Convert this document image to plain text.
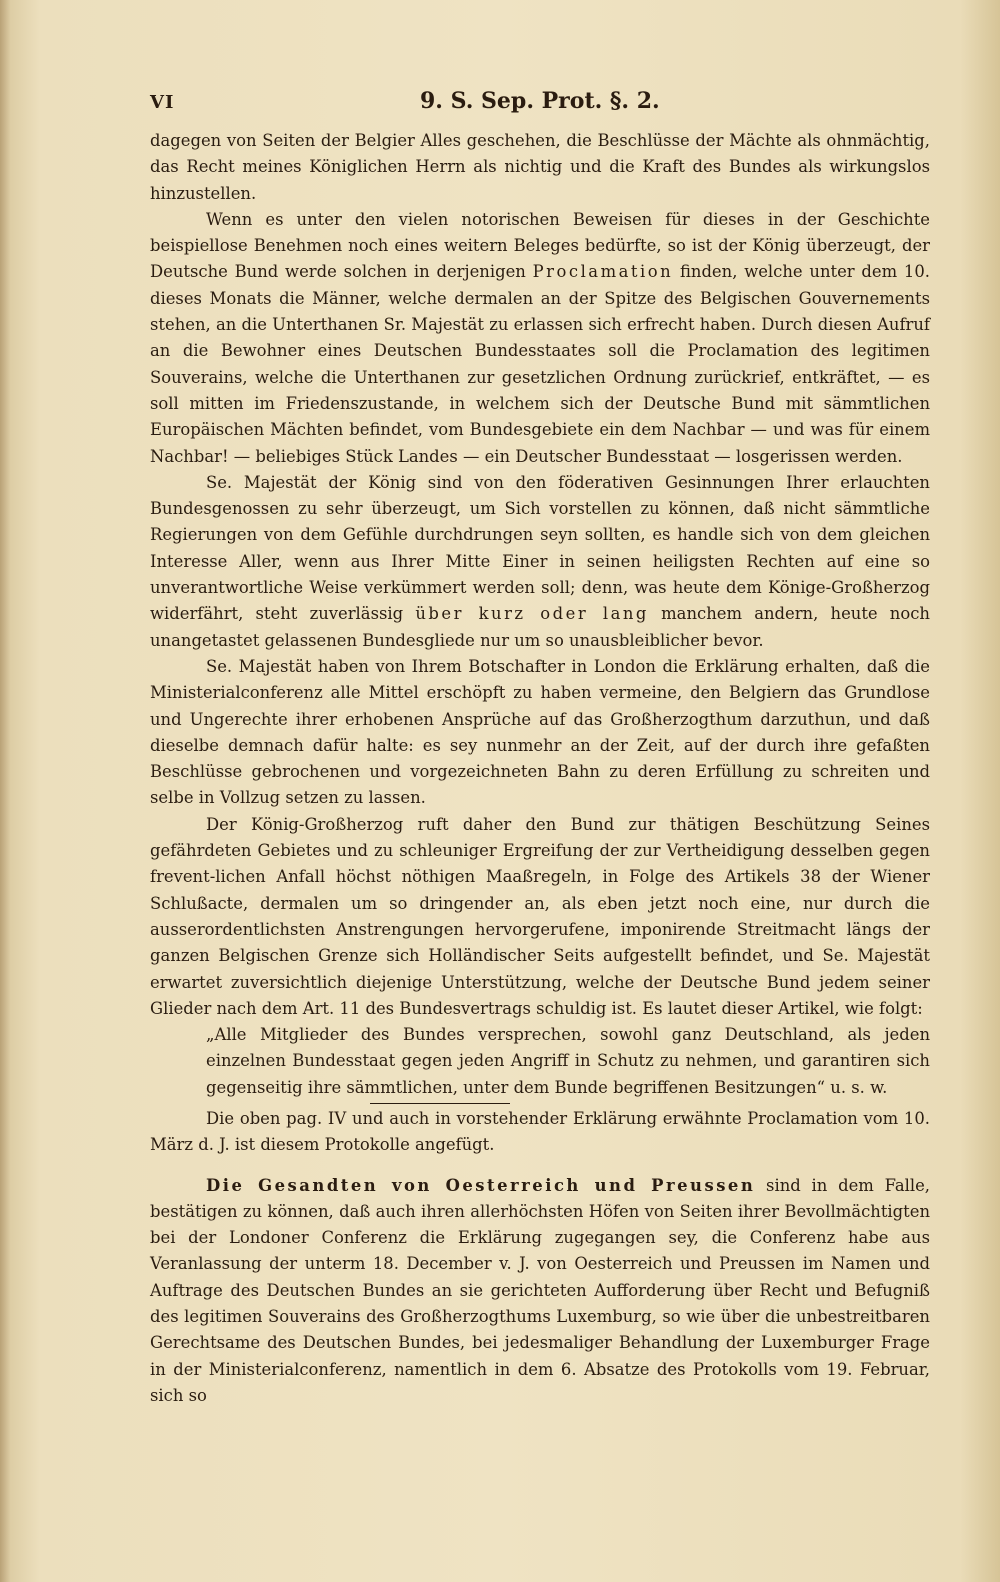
VI	9. S. Sep. Prot. §. 2.

dagegen von Seiten der Belgier Alles geschehen, die Beschlüsse der Mächte als ohnmächtig, das Recht meines Königlichen Herrn als nichtig und die Kraft des Bundes als wirkungslos hinzustellen.

Wenn es unter den vielen notorischen Beweisen für dieses in der Geschichte beispiellose Benehmen noch eines weitern Beleges bedürfte, so ist der König überzeugt, der Deutsche Bund werde solchen in derjenigen Proclamation finden, welche unter dem 10. dieses Monats die Männer, welche dermalen an der Spitze des Belgischen Gouvernements stehen, an die Unterthanen Sr. Majestät zu erlassen sich erfrecht haben. Durch diesen Aufruf an die Bewohner eines Deutschen Bundesstaates soll die Proclamation des legitimen Souverains, welche die Unterthanen zur gesetzlichen Ordnung zurückrief, entkräftet, — es soll mitten im Friedenszustande, in welchem sich der Deutsche Bund mit sämmtlichen Europäischen Mächten befindet, vom Bundesgebiete ein dem Nachbar — und was für einem Nachbar! — beliebiges Stück Landes — ein Deutscher Bundesstaat — losgerissen werden.

Se. Majestät der König sind von den föderativen Gesinnungen Ihrer erlauchten Bundesgenossen zu sehr überzeugt, um Sich vorstellen zu können, daß nicht sämmtliche Regierungen von dem Gefühle durchdrungen seyn sollten, es handle sich von dem gleichen Interesse Aller, wenn aus Ihrer Mitte Einer in seinen heiligsten Rechten auf eine so unverantwortliche Weise verkümmert werden soll; denn, was heute dem Könige-Großherzog widerfährt, steht zuverlässig über kurz oder lang manchem andern, heute noch unangetastet gelassenen Bundesgliede nur um so unausbleiblicher bevor.

Se. Majestät haben von Ihrem Botschafter in London die Erklärung erhalten, daß die Ministerialconferenz alle Mittel erschöpft zu haben vermeine, den Belgiern das Grundlose und Ungerechte ihrer erhobenen Ansprüche auf das Großherzogthum darzuthun, und daß dieselbe demnach dafür halte: es sey nunmehr an der Zeit, auf der durch ihre gefaßten Beschlüsse gebrochenen und vorgezeichneten Bahn zu deren Erfüllung zu schreiten und selbe in Vollzug setzen zu lassen.

Der König-Großherzog ruft daher den Bund zur thätigen Beschützung Seines gefährdeten Gebietes und zu schleuniger Ergreifung der zur Vertheidigung desselben gegen frevent-lichen Anfall höchst nöthigen Maaßregeln, in Folge des Artikels 38 der Wiener Schlußacte, dermalen um so dringender an, als eben jetzt noch eine, nur durch die ausserordentlichsten Anstrengungen hervorgerufene, imponirende Streitmacht längs der ganzen Belgischen Grenze sich Holländischer Seits aufgestellt befindet, und Se. Majestät erwartet zuversichtlich diejenige Unterstützung, welche der Deutsche Bund jedem seiner Glieder nach dem Art. 11 des Bundesvertrags schuldig ist. Es lautet dieser Artikel, wie folgt:

„Alle Mitglieder des Bundes versprechen, sowohl ganz Deutschland, als jeden einzelnen Bundesstaat gegen jeden Angriff in Schutz zu nehmen, und garantiren sich gegenseitig ihre sämmtlichen, unter dem Bunde begriffenen Besitzungen“ u. s. w.

Die oben pag. IV und auch in vorstehender Erklärung erwähnte Proclamation vom 10. März d. J. ist diesem Protokolle angefügt.

Die Gesandten von Oesterreich und Preussen sind in dem Falle, bestätigen zu können, daß auch ihren allerhöchsten Höfen von Seiten ihrer Bevollmächtigten bei der Londoner Conferenz die Erklärung zugegangen sey, die Conferenz habe aus Veranlassung der unterm 18. December v. J. von Oesterreich und Preussen im Namen und Auftrage des Deutschen Bundes an sie gerichteten Aufforderung über Recht und Befugniß des legitimen Souverains des Großherzogthums Luxemburg, so wie über die unbestreitbaren Gerechtsame des Deutschen Bundes, bei jedesmaliger Behandlung der Luxemburger Frage in der Ministerialconferenz, namentlich in dem 6. Absatze des Protokolls vom 19. Februar, sich so
